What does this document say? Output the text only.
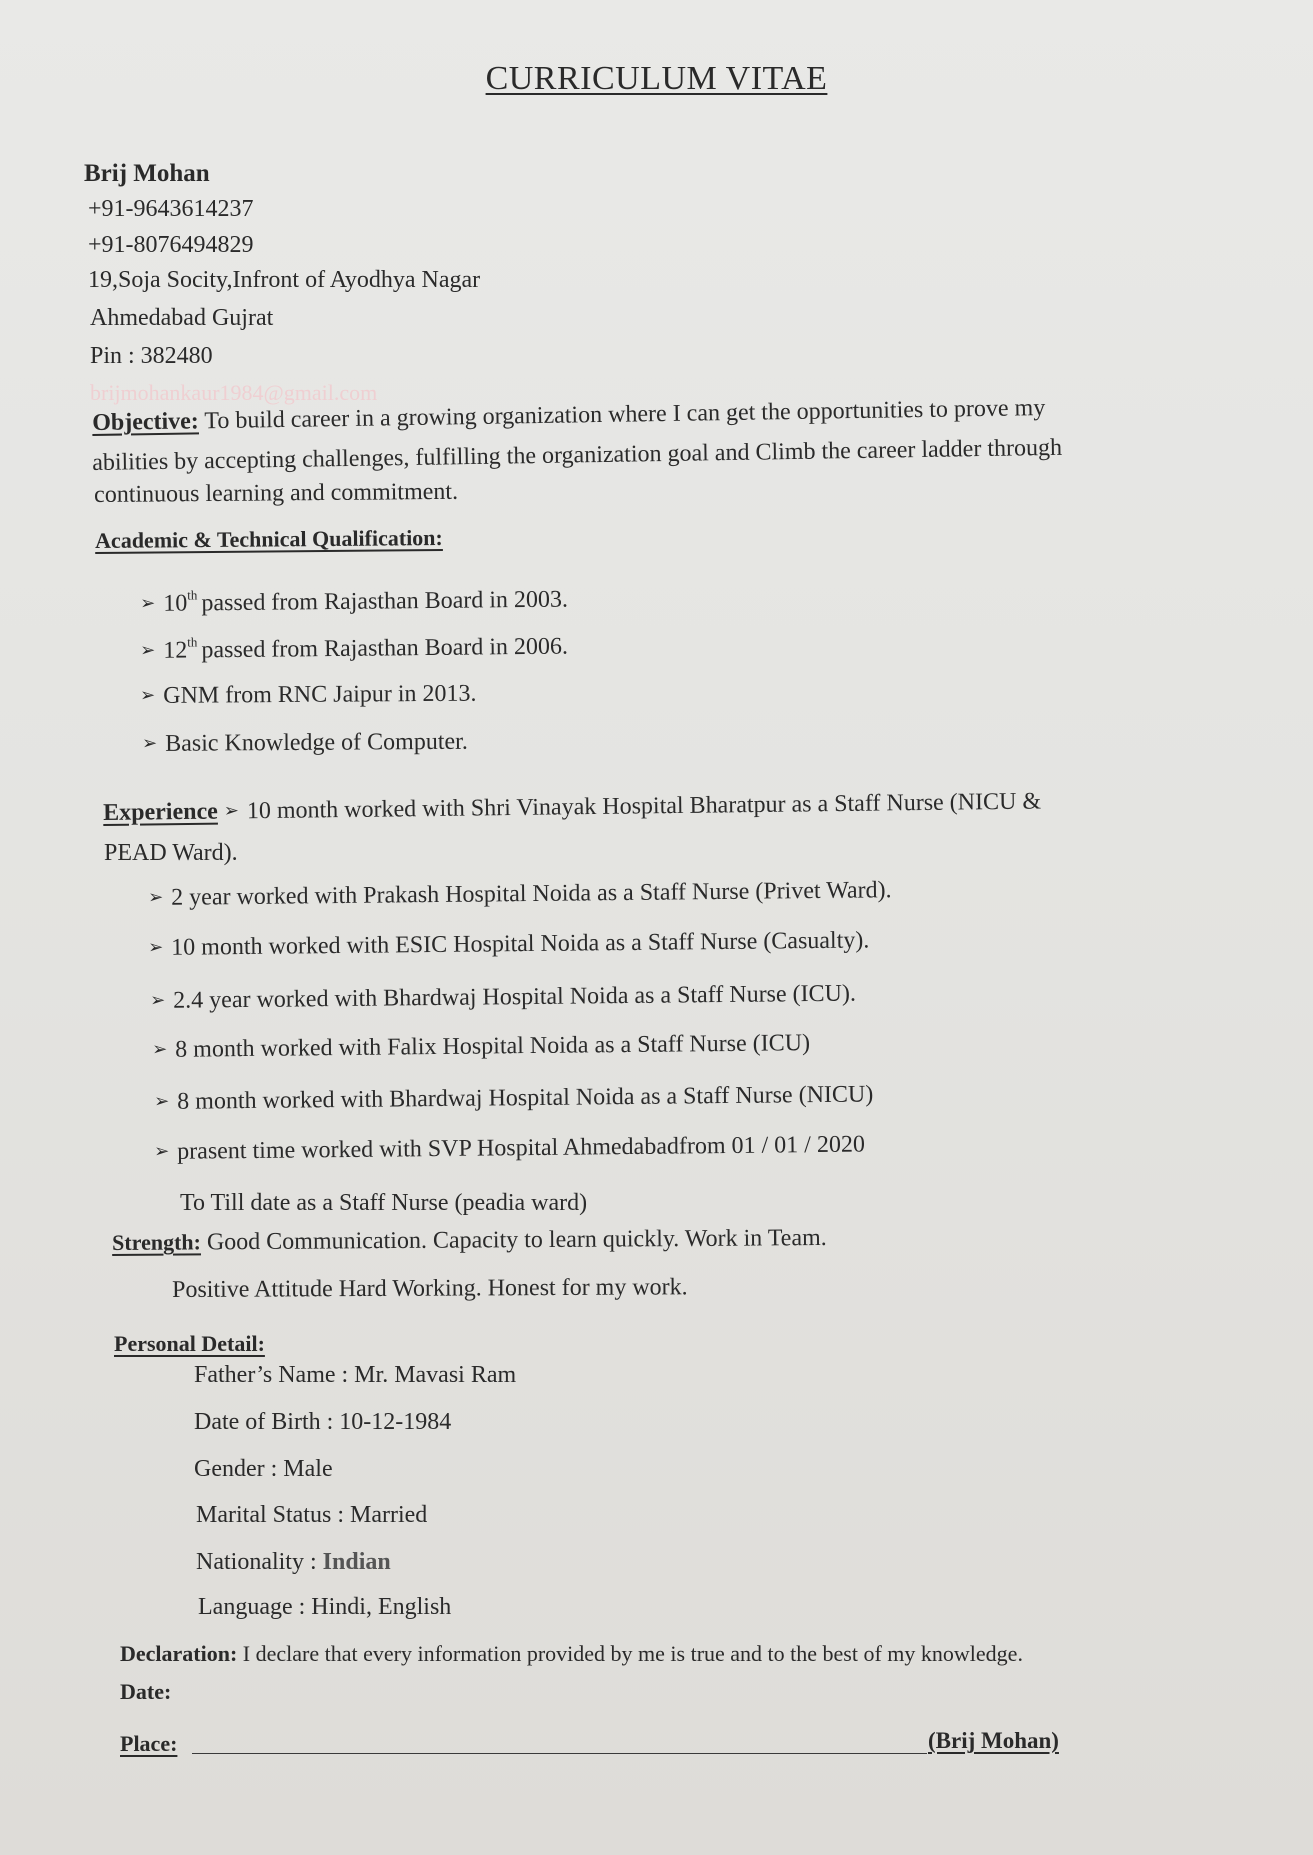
CURRICULUM VITAE
Brij Mohan
+91-9643614237
+91-8076494829
19,Soja Socity,Infront of Ayodhya Nagar
Ahmedabad Gujrat
Pin : 382480
brijmohankaur1984@gmail.com
Objective: To build career in a growing organization where I can get the opportunities to prove my
abilities by accepting challenges, fulfilling the organization goal and Climb the career ladder through
continuous learning and commitment.
Academic & Technical Qualification:
➢ 10th passed from Rajasthan Board in 2003.
➢ 12th passed from Rajasthan Board in 2006.
➢ GNM from RNC Jaipur in 2013.
➢ Basic Knowledge of Computer.
Experience ➢ 10 month worked with Shri Vinayak Hospital Bharatpur as a Staff Nurse (NICU &
PEAD Ward).
➢ 2 year worked with Prakash Hospital Noida as a Staff Nurse (Privet Ward).
➢ 10 month worked with ESIC Hospital Noida as a Staff Nurse (Casualty).
➢ 2.4 year worked with Bhardwaj Hospital Noida as a Staff Nurse (ICU).
➢ 8 month worked with Falix Hospital Noida as a Staff Nurse (ICU)
➢ 8 month worked with Bhardwaj Hospital Noida as a Staff Nurse (NICU)
➢ prasent time worked with SVP Hospital Ahmedabadfrom 01 / 01 / 2020
To Till date as a Staff Nurse (peadia ward)
Strength: Good Communication. Capacity to learn quickly. Work in Team.
Positive Attitude Hard Working. Honest for my work.
Personal Detail:
Father’s Name : Mr. Mavasi Ram
Date of Birth : 10-12-1984
Gender : Male
Marital Status : Married
Nationality : Indian
Language : Hindi, English
Declaration: I declare that every information provided by me is true and to the best of my knowledge.
Date:
Place:	(Brij Mohan)
